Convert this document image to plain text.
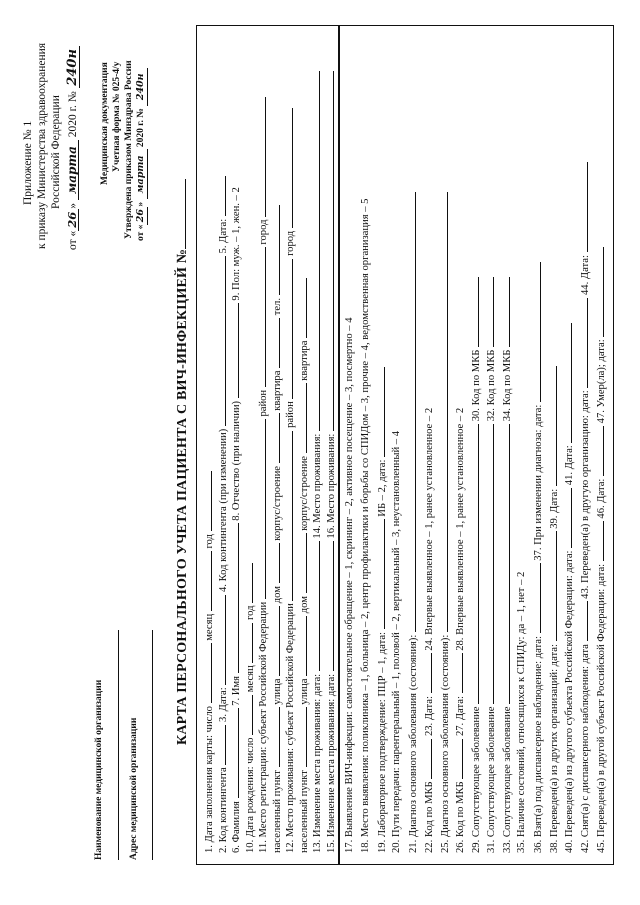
Приложение № 1 к приказу Министерства здравоохранения Российской Федерации
от «26» марта 2020 г. № 240н
Наименование медицинской организации	Адрес медицинской организации
Медицинская документация Учетная форма № 025-4/у Утверждена приказом Минздрава России от «26» марта 2020 г. № 240н
КАРТА ПЕРСОНАЛЬНОГО УЧЕТА ПАЦИЕНТА С ВИЧ-ИНФЕКЦИЕЙ №
1. Дата заполнения карты: число  месяц  год
2. Код контингента  3. Дата:  4. Код контингента (при изменении)  5. Дата:
6. Фамилия  7. Имя  8. Отчество (при наличии)  9. Пол: муж. – 1, жен. – 2
10. Дата рождения: число  месяц  год 11. Место регистрации: субъект Российской Федерации  район  город
населенный пункт  улица  дом  корпус/строение  квартира  тел.
12. Место проживания: субъект Российской Федерации  район  город
населенный пункт  улица  дом  корпус/строение  квартира
13. Изменение места проживания: дата:  14. Место проживания:
15. Изменение места проживания: дата:  16. Место проживания: 17. Выявление ВИЧ-инфекции: самостоятельное обращение – 1, скрининг – 2, активное посещение – 3, посмертно – 4 18. Место выявления: поликлиника – 1, больница – 2, центр профилактики и борьбы со СПИДом – 3, прочие – 4, ведомственная организация – 5 19. Лабораторное подтверждение: ПЦР – 1, дата:  ИБ – 2, дата: 20. Пути передачи: парентеральный – 1, половой – 2, вертикальный – 3, неустановленный – 4 21. Диагноз основного заболевания (состояния): 22. Код по МКБ  23. Дата:  24. Впервые выявленное – 1, ранее установленное – 2
25. Диагноз основного заболевания (состояния): 26. Код по МКБ  27. Дата:  28. Впервые выявленное – 1, ранее установленное – 2
29. Сопутствующее заболевание  30. Код по МКБ
31. Сопутствующее заболевание  32. Код по МКБ
33. Сопутствующее заболевание  34. Код по МКБ
35. Наличие состояний, относящихся к СПИДу: да – 1, нет – 2 36. Взят(а) под диспансерное наблюдение: дата:  37. При изменении диагноза: дата:
38. Переведен(а) из других организаций: дата:  39. Дата:
40. Переведен(а) из другого субъекта Российской Федерации: дата:  41. Дата:
42. Снят(а) с диспансерного наблюдения: дата  43. Переведен(а) в другую организацию: дата:  44. Дата:
45. Переведен(а) в другой субъект Российской Федерации: дата:  46. Дата:  47. Умер(ла); дата:
